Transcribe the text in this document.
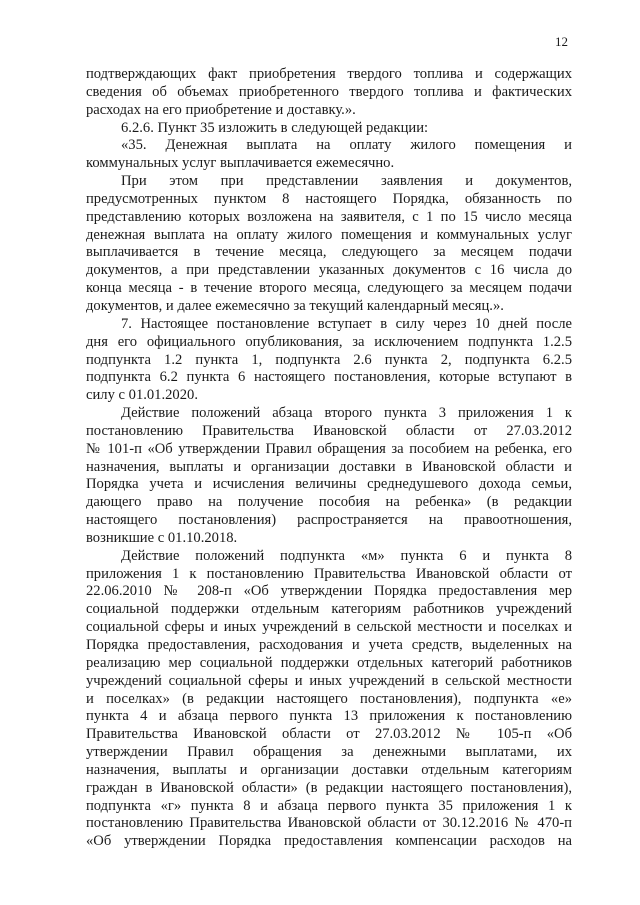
12

подтверждающих факт приобретения твердого топлива и содержащих

сведения об объемах приобретенного твердого топлива и фактических

расходах на его приобретение и доставку.».

6.2.6. Пункт 35 изложить в следующей редакции:

«35. Денежная выплата на оплату жилого помещения и

коммунальных услуг выплачивается ежемесячно.

При этом при представлении заявления и документов,

предусмотренных пунктом 8 настоящего Порядка, обязанность по

представлению которых возложена на заявителя, с 1 по 15 число месяца

денежная выплата на оплату жилого помещения и коммунальных услуг

выплачивается в течение месяца, следующего за месяцем подачи

документов, а при представлении указанных документов с 16 числа до

конца месяца - в течение второго месяца, следующего за месяцем подачи

документов, и далее ежемесячно за текущий календарный месяц.».

7. Настоящее постановление вступает в силу через 10 дней после

дня его официального опубликования, за исключением подпункта 1.2.5

подпункта 1.2 пункта 1, подпункта 2.6 пункта 2, подпункта 6.2.5

подпункта 6.2 пункта 6 настоящего постановления, которые вступают в

силу с 01.01.2020.

Действие положений абзаца второго пункта 3 приложения 1 к

постановлению Правительства Ивановской области от 27.03.2012

№ 101-п «Об утверждении Правил обращения за пособием на ребенка, его

назначения, выплаты и организации доставки в Ивановской области и

Порядка учета и исчисления величины среднедушевого дохода семьи,

дающего право на получение пособия на ребенка» (в редакции

настоящего постановления) распространяется на правоотношения,

возникшие с 01.10.2018.

Действие положений подпункта «м» пункта 6 и пункта 8

приложения 1 к постановлению Правительства Ивановской области от

22.06.2010 № 208-п «Об утверждении Порядка предоставления мер

социальной поддержки отдельным категориям работников учреждений

социальной сферы и иных учреждений в сельской местности и поселках и

Порядка предоставления, расходования и учета средств, выделенных на

реализацию мер социальной поддержки отдельных категорий работников

учреждений социальной сферы и иных учреждений в сельской местности

и поселках» (в редакции настоящего постановления), подпункта «е»

пункта 4 и абзаца первого пункта 13 приложения к постановлению

Правительства Ивановской области от 27.03.2012 № 105-п «Об

утверждении Правил обращения за денежными выплатами, их

назначения, выплаты и организации доставки отдельным категориям

граждан в Ивановской области» (в редакции настоящего постановления),

подпункта «г» пункта 8 и абзаца первого пункта 35 приложения 1 к

постановлению Правительства Ивановской области от 30.12.2016 № 470-п

«Об утверждении Порядка предоставления компенсации расходов на
